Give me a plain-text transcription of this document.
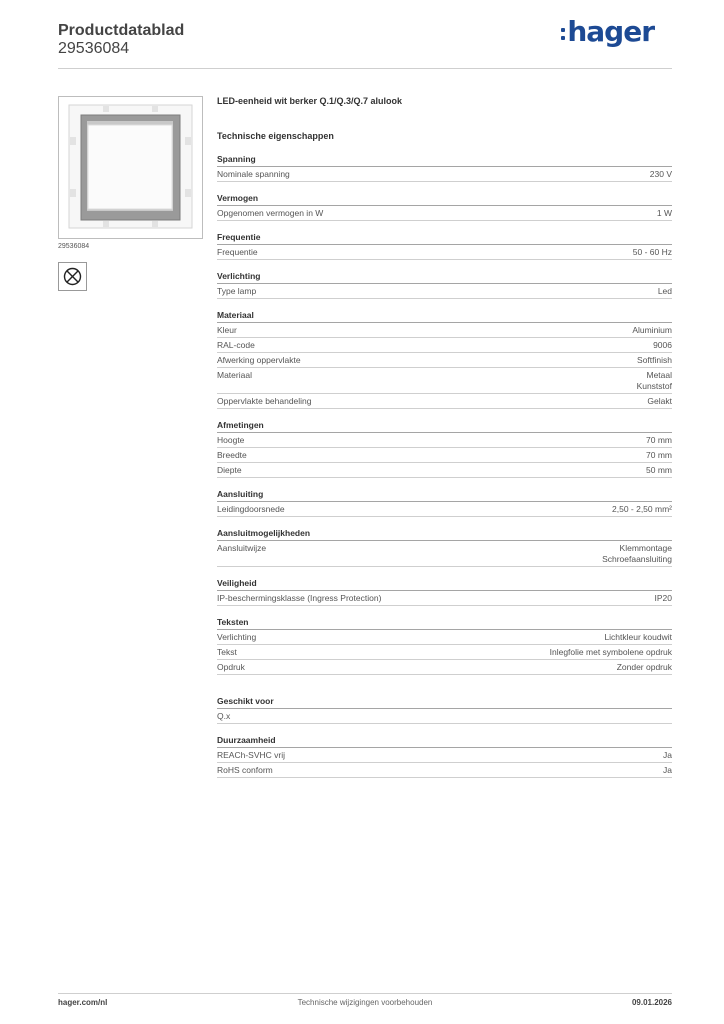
Productdatablad
29536084
hager
29536084
LED-eenheid wit berker Q.1/Q.3/Q.7 alulook
Technische eigenschappen
Spanning
Nominale spanning	230 V
Vermogen
Opgenomen vermogen in W	1 W
Frequentie
Frequentie	50 - 60 Hz
Verlichting
Type lamp	Led
Materiaal
Kleur	Aluminium
RAL-code	9006
Afwerking oppervlakte	Softfinish
Materiaal	Metaal
Kunststof
Oppervlakte behandeling	Gelakt
Afmetingen
Hoogte	70 mm
Breedte	70 mm
Diepte	50 mm
Aansluiting
Leidingdoorsnede	2,50 - 2,50 mm²
Aansluitmogelijkheden
Aansluitwijze	Klemmontage
Schroefaansluiting
Veiligheid
IP-beschermingsklasse (Ingress Protection)	IP20
Teksten
Verlichting	Lichtkleur koudwit
Tekst	Inlegfolie met symbolene opdruk
Opdruk	Zonder opdruk
Geschikt voor
Q.x
Duurzaamheid
REACh-SVHC vrij	Ja
RoHS conform	Ja
hager.com/nl	Technische wijzigingen voorbehouden	09.01.2026
